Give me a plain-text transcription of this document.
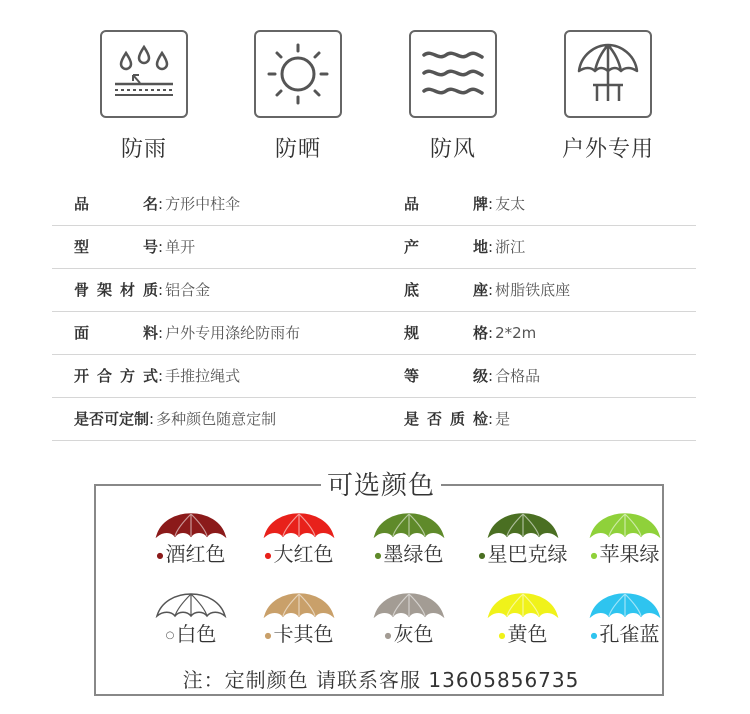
防雨	防晒	防风	户外专用
品名: 方形中柱伞	品牌: 友太
型号: 单开	产地: 浙江
骨架材质: 铝合金	底座: 树脂铁底座
面料: 户外专用涤纶防雨布	规格: 2*2m
开合方式: 手推拉绳式	等级: 合格品
是否可定制: 多种颜色随意定制	是否质检: 是
可选颜色
注：定制颜色 请联系客服 13605856735
● 酒红色	● 大红色	● 墨绿色	● 星巴克绿	● 苹果绿
○ 白色	● 卡其色	● 灰色	● 黄色	● 孔雀蓝
